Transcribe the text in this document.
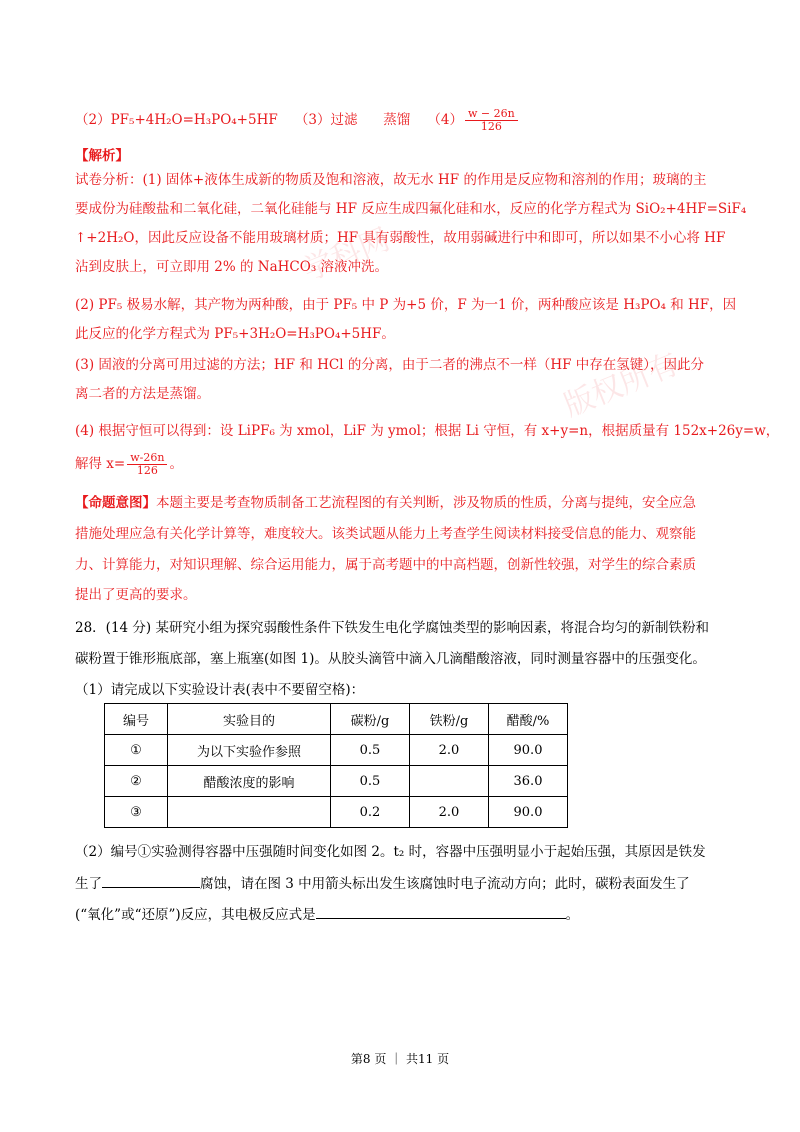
学科网
版权所有
（2）PF₅+4H₂O=H₃PO₄+5HF （3）过滤 蒸馏 $(4) \frac{w - 26n}{126}$
【解析】
试卷分析：(1) 固体+液体生成新的物质及饱和溶液，故无水 HF 的作用是反应物和溶剂的作用；玻璃的主
要成份为硅酸盐和二氧化硅，二氧化硅能与 HF 反应生成四氟化硅和水，反应的化学方程式为 SiO₂+4HF=SiF₄
↑+2H₂O，因此反应设备不能用玻璃材质；HF 具有弱酸性，故用弱碱进行中和即可，所以如果不小心将 HF
沾到皮肤上，可立即用 2% 的 NaHCO₃ 溶液冲洗。
(2) PF₅ 极易水解，其产物为两种酸，由于 PF₅ 中 P 为+5 价，F 为一1 价，两种酸应该是 H₃PO₄ 和 HF，因
此反应的化学方程式为 PF₅+3H₂O=H₃PO₄+5HF。
(3) 固液的分离可用过滤的方法；HF 和 HCl 的分离，由于二者的沸点不一样（HF 中存在氢键），因此分
离二者的方法是蒸馏。
(4) 根据守恒可以得到：设 LiPF₆ 为 xmol，LiF 为 ymol；根据 Li 守恒，有 x+y=n，根据质量有 152x+26y=w，
解得 $x= \frac{w-26n}{126}$ 。
【命题意图】本题主要是考查物质制备工艺流程图的有关判断，涉及物质的性质，分离与提纯，安全应急
措施处理应急有关化学计算等，难度较大。该类试题从能力上考查学生阅读材料接受信息的能力、观察能
力、计算能力，对知识理解、综合运用能力，属于高考题中的中高档题，创新性较强，对学生的综合素质
提出了更高的要求。
28．(14 分) 某研究小组为探究弱酸性条件下铁发生电化学腐蚀类型的影响因素，将混合均匀的新制铁粉和
碳粉置于锥形瓶底部，塞上瓶塞(如图 1)。从胶头滴管中滴入几滴醋酸溶液，同时测量容器中的压强变化。
（1）请完成以下实验设计表(表中不要留空格)：
编号	实验目的	碳粉/g	铁粉/g	醋酸/%
①	为以下实验作参照	0.5	2.0	90.0
②	醋酸浓度的影响	0.5		36.0
③		0.2	2.0	90.0
（2）编号①实验测得容器中压强随时间变化如图 2。t₂ 时，容器中压强明显小于起始压强，其原因是铁发
生了	腐蚀，请在图 3 中用箭头标出发生该腐蚀时电子流动方向；此时，碳粉表面发生了
(“氧化”或“还原”)反应，其电极反应式是	。
第8 页 ｜ 共11 页
